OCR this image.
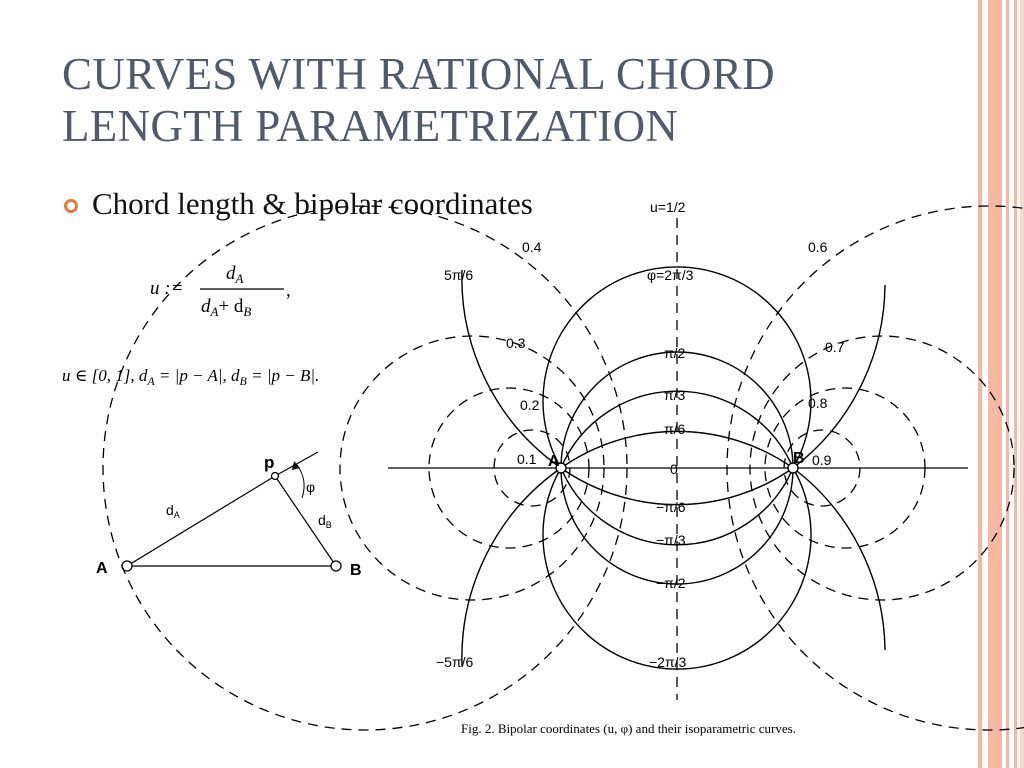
CURVES WITH RATIONAL CHORD
LENGTH PARAMETRIZATION
Chord length & bipolar coordinates
u :=
$d_A$
$d_A+ d_B$
,
u ∈ [0, 1], $d_A = |p - A|$, $d_B = |p - B|$.
p
A	B
$d_A$	$d_B$
φ
u=1/2
0.4	0.6
0.3	0.7
0.2	0.8
0.1	0.9
5π/6	φ=2π/3
π/2
π/3
π/6
0
−π/6
−π/3
−π/2
−5π/6	−2π/3
A	B
Fig. 2. Bipolar coordinates (u, φ) and their isoparametric curves.
